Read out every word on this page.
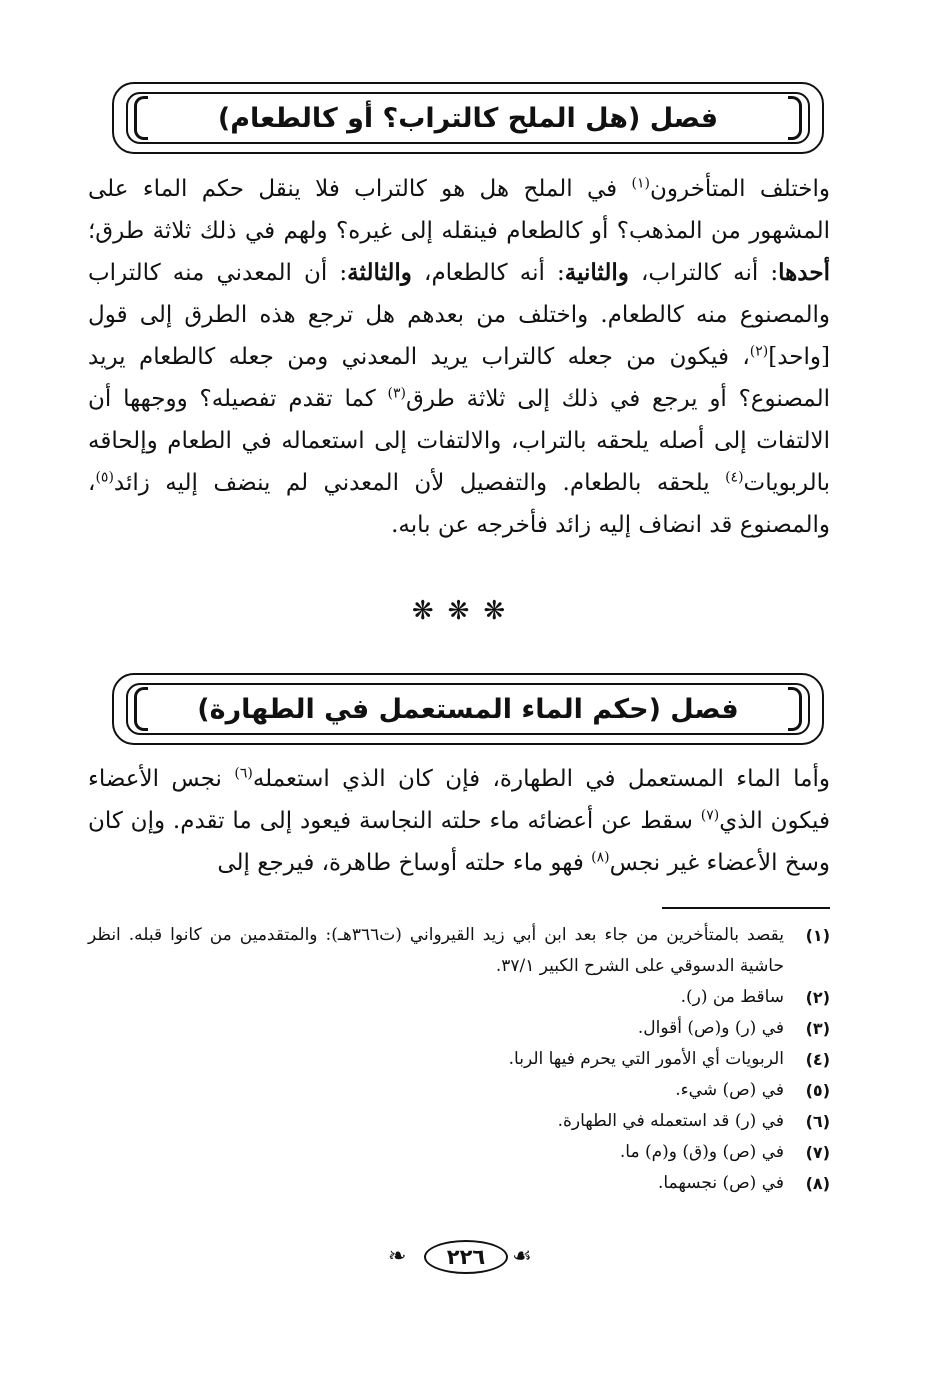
فصل (هل الملح كالتراب؟ أو كالطعام)
واختلف المتأخرون$^{(١)}$ في الملح هل هو كالتراب فلا ينقل حكم الماء على المشهور من المذهب؟ أو كالطعام فينقله إلى غيره؟ ولهم في ذلك ثلاثة طرق؛ أحدها: أنه كالتراب، والثانية: أنه كالطعام، والثالثة: أن المعدني منه كالتراب والمصنوع منه كالطعام. واختلف من بعدهم هل ترجع هذه الطرق إلى قول [واحد]$^{(٢)}$، فيكون من جعله كالتراب يريد المعدني ومن جعله كالطعام يريد المصنوع؟ أو يرجع في ذلك إلى ثلاثة طرق$^{(٣)}$ كما تقدم تفصيله؟ ووجهها أن الالتفات إلى أصله يلحقه بالتراب، والالتفات إلى استعماله في الطعام وإلحاقه بالربويات$^{(٤)}$ يلحقه بالطعام. والتفصيل لأن المعدني لم ينضف إليه زائد$^{(٥)}$، والمصنوع قد انضاف إليه زائد فأخرجه عن بابه.
❋❋❋
فصل (حكم الماء المستعمل في الطهارة)
وأما الماء المستعمل في الطهارة، فإن كان الذي استعمله$^{(٦)}$ نجس الأعضاء فيكون الذي$^{(٧)}$ سقط عن أعضائه ماء حلته النجاسة فيعود إلى ما تقدم. وإن كان وسخ الأعضاء غير نجس$^{(٨)}$ فهو ماء حلته أوساخ طاهرة، فيرجع إلى
(١)
يقصد بالمتأخرين من جاء بعد ابن أبي زيد القيرواني (ت٣٦٦هـ): والمتقدمين من كانوا قبله. انظر حاشية الدسوقي على الشرح الكبير ٣٧/١.
(٢)
ساقط من (ر).
(٣)
في (ر) و(ص) أقوال.
(٤)
الربويات أي الأمور التي يحرم فيها الربا.
(٥)
في (ص) شيء.
(٦)
في (ر) قد استعمله في الطهارة.
(٧)
في (ص) و(ق) و(م) ما.
(٨)
في (ص) نجسهما.
❧	٢٢٦	☙
